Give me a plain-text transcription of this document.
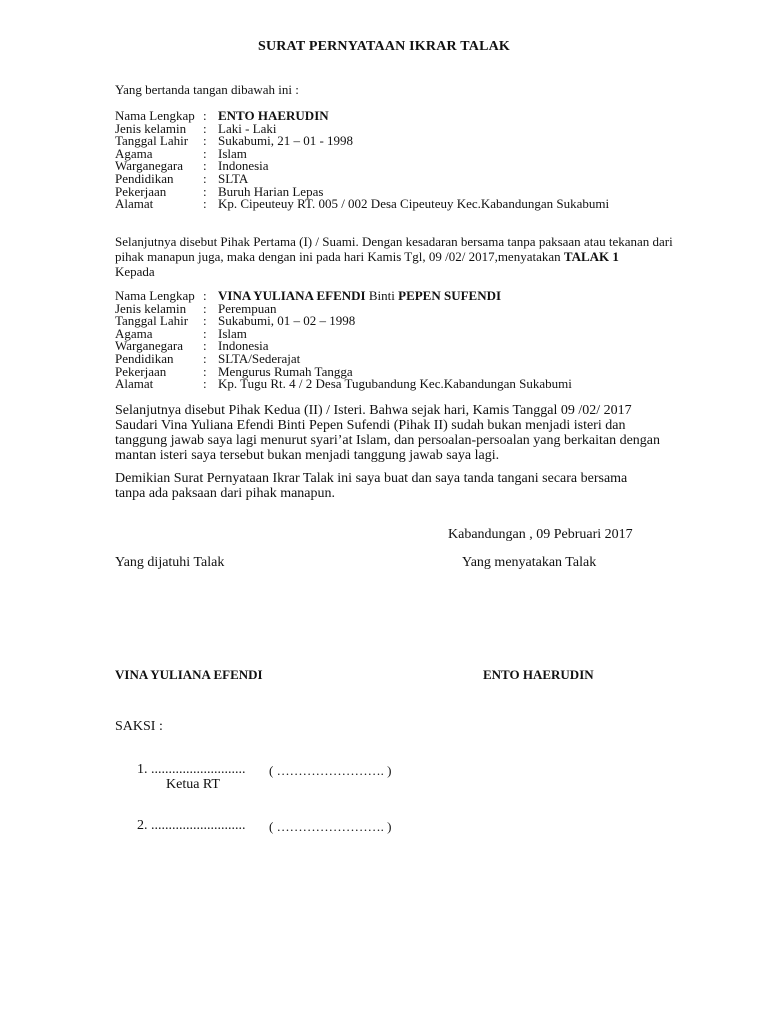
SURAT PERNYATAAN IKRAR TALAK
Yang bertanda tangan dibawah ini :
Nama Lengkap	:	ENTO HAERUDIN
Jenis kelamin	:	Laki - Laki
Tanggal Lahir	:	Sukabumi, 21 – 01 - 1998
Agama	:	Islam
Warganegara	:	Indonesia
Pendidikan	:	SLTA
Pekerjaan	:	Buruh Harian Lepas
Alamat	:	Kp. Cipeuteuy RT. 005 / 002 Desa Cipeuteuy Kec.Kabandungan Sukabumi
Selanjutnya disebut Pihak Pertama (I) / Suami. Dengan kesadaran bersama tanpa paksaan atau tekanan dari
pihak manapun juga, maka dengan ini pada hari Kamis Tgl, 09 /02/ 2017,menyatakan TALAK 1
Kepada
Nama Lengkap	:	VINA YULIANA EFENDI Binti PEPEN SUFENDI
Jenis kelamin	:	Perempuan
Tanggal Lahir	:	Sukabumi, 01 – 02 – 1998
Agama	:	Islam
Warganegara	:	Indonesia
Pendidikan	:	SLTA/Sederajat
Pekerjaan	:	Mengurus Rumah Tangga
Alamat	:	Kp. Tugu Rt. 4 / 2 Desa Tugubandung Kec.Kabandungan Sukabumi
Selanjutnya disebut Pihak Kedua (II) / Isteri. Bahwa sejak hari, Kamis Tanggal 09 /02/ 2017
Saudari Vina Yuliana Efendi Binti Pepen Sufendi (Pihak II) sudah bukan menjadi isteri dan
tanggung jawab saya lagi menurut syari’at Islam, dan persoalan-persoalan yang berkaitan dengan
mantan isteri saya tersebut bukan menjadi tanggung jawab saya lagi.
Demikian Surat Pernyataan Ikrar Talak ini saya buat dan saya tanda tangani secara bersama
tanpa ada paksaan dari pihak manapun.
Kabandungan , 09 Pebruari 2017
Yang dijatuhi Talak	Yang menyatakan Talak
VINA YULIANA EFENDI	ENTO HAERUDIN
SAKSI :
1. ........................... ( ……………………. )
Ketua RT
2. ........................... ( ……………………. )
